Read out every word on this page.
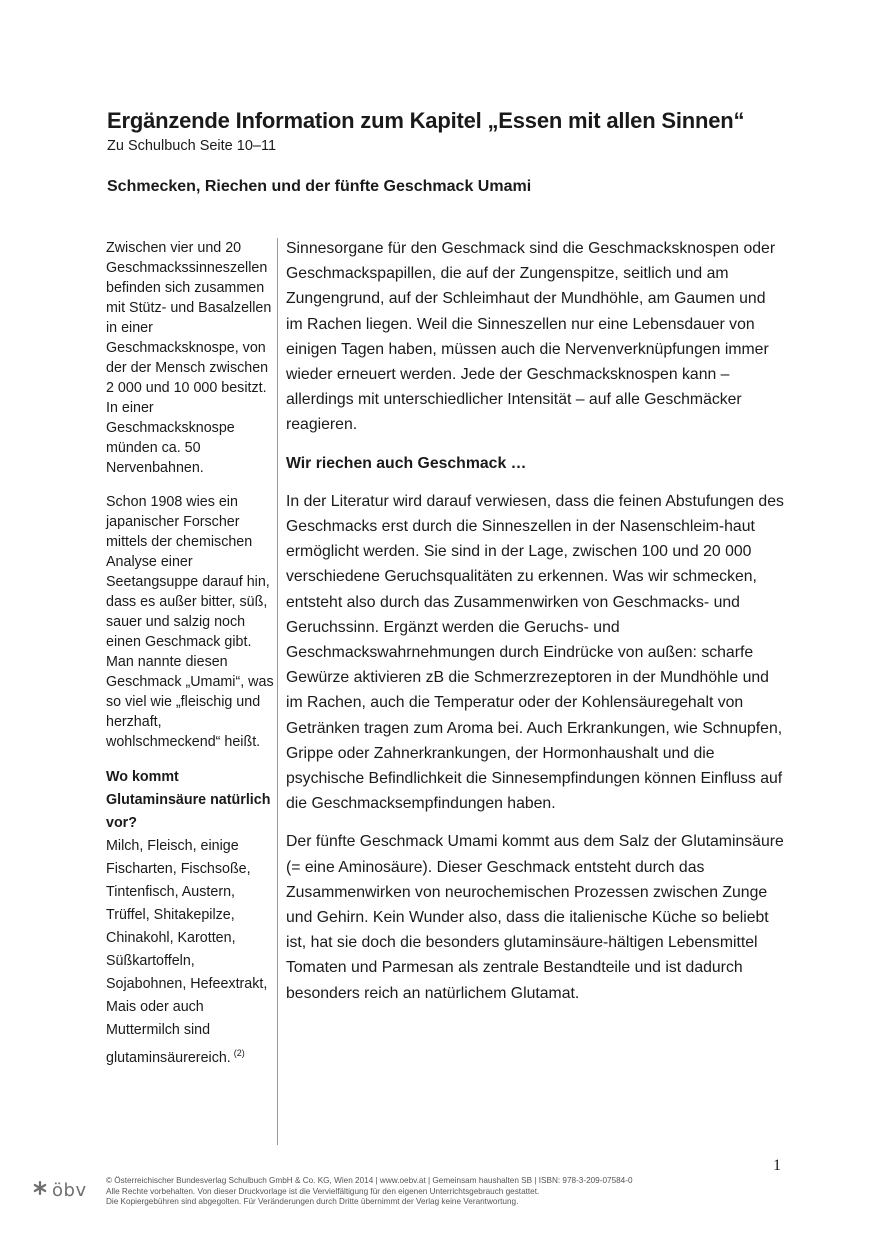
Ergänzende Information zum Kapitel „Essen mit allen Sinnen“
Zu Schulbuch Seite 10–11
Schmecken, Riechen und der fünfte Geschmack Umami

Zwischen vier und 20 Geschmackssinneszellen befinden sich zusammen mit Stütz- und Basalzellen in einer Geschmacksknospe, von der der Mensch zwischen 2 000 und 10 000 besitzt. In einer Geschmacksknospe münden ca. 50 Nervenbahnen.

Schon 1908 wies ein japanischer Forscher mittels der chemischen Analyse einer Seetangsuppe darauf hin, dass es außer bitter, süß, sauer und salzig noch einen Geschmack gibt. Man nannte diesen Geschmack „Umami“, was so viel wie „fleischig und herzhaft, wohlschmeckend“ heißt.

Wo kommt Glutaminsäure natürlich vor?
Milch, Fleisch, einige Fischarten, Fischsoße, Tintenfisch, Austern, Trüffel, Shitakepilze, Chinakohl, Karotten, Süßkartoffeln, Sojabohnen, Hefeextrakt, Mais oder auch Muttermilch sind glutaminsäurereich. $^{(2)}$

Sinnesorgane für den Geschmack sind die Geschmacksknospen oder Geschmackspapillen, die auf der Zungenspitze, seitlich und am Zungengrund, auf der Schleimhaut der Mundhöhle, am Gaumen und im Rachen liegen. Weil die Sinneszellen nur eine Lebensdauer von einigen Tagen haben, müssen auch die Nervenverknüpfungen immer wieder erneuert werden. Jede der Geschmacksknospen kann – allerdings mit unterschiedlicher Intensität – auf alle Geschmäcker reagieren.

Wir riechen auch Geschmack …

In der Literatur wird darauf verwiesen, dass die feinen Abstufungen des Geschmacks erst durch die Sinneszellen in der Nasenschleim-haut ermöglicht werden. Sie sind in der Lage, zwischen 100 und 20 000 verschiedene Geruchsqualitäten zu erkennen. Was wir schmecken, entsteht also durch das Zusammenwirken von Geschmacks- und Geruchssinn. Ergänzt werden die Geruchs- und Geschmackswahrnehmungen durch Eindrücke von außen: scharfe Gewürze aktivieren zB die Schmerzrezeptoren in der Mundhöhle und im Rachen, auch die Temperatur oder der Kohlensäuregehalt von Getränken tragen zum Aroma bei. Auch Erkrankungen, wie Schnupfen, Grippe oder Zahnerkrankungen, der Hormonhaushalt und die psychische Befindlichkeit die Sinnesempfindungen können Einfluss auf die Geschmacksempfindungen haben.

Der fünfte Geschmack Umami kommt aus dem Salz der Glutaminsäure (= eine Aminosäure). Dieser Geschmack entsteht durch das Zusammenwirken von neurochemischen Prozessen zwischen Zunge und Gehirn. Kein Wunder also, dass die italienische Küche so beliebt ist, hat sie doch die besonders glutaminsäure-hältigen Lebensmittel Tomaten und Parmesan als zentrale Bestandteile und ist dadurch besonders reich an natürlichem Glutamat.

1
öbv © Österreichischer Bundesverlag Schulbuch GmbH & Co. KG, Wien 2014 | www.oebv.at | Gemeinsam haushalten SB | ISBN: 978-3-209-07584-0
Alle Rechte vorbehalten. Von dieser Druckvorlage ist die Vervielfältigung für den eigenen Unterrichtsgebrauch gestattet.
Die Kopiergebühren sind abgegolten. Für Veränderungen durch Dritte übernimmt der Verlag keine Verantwortung.
